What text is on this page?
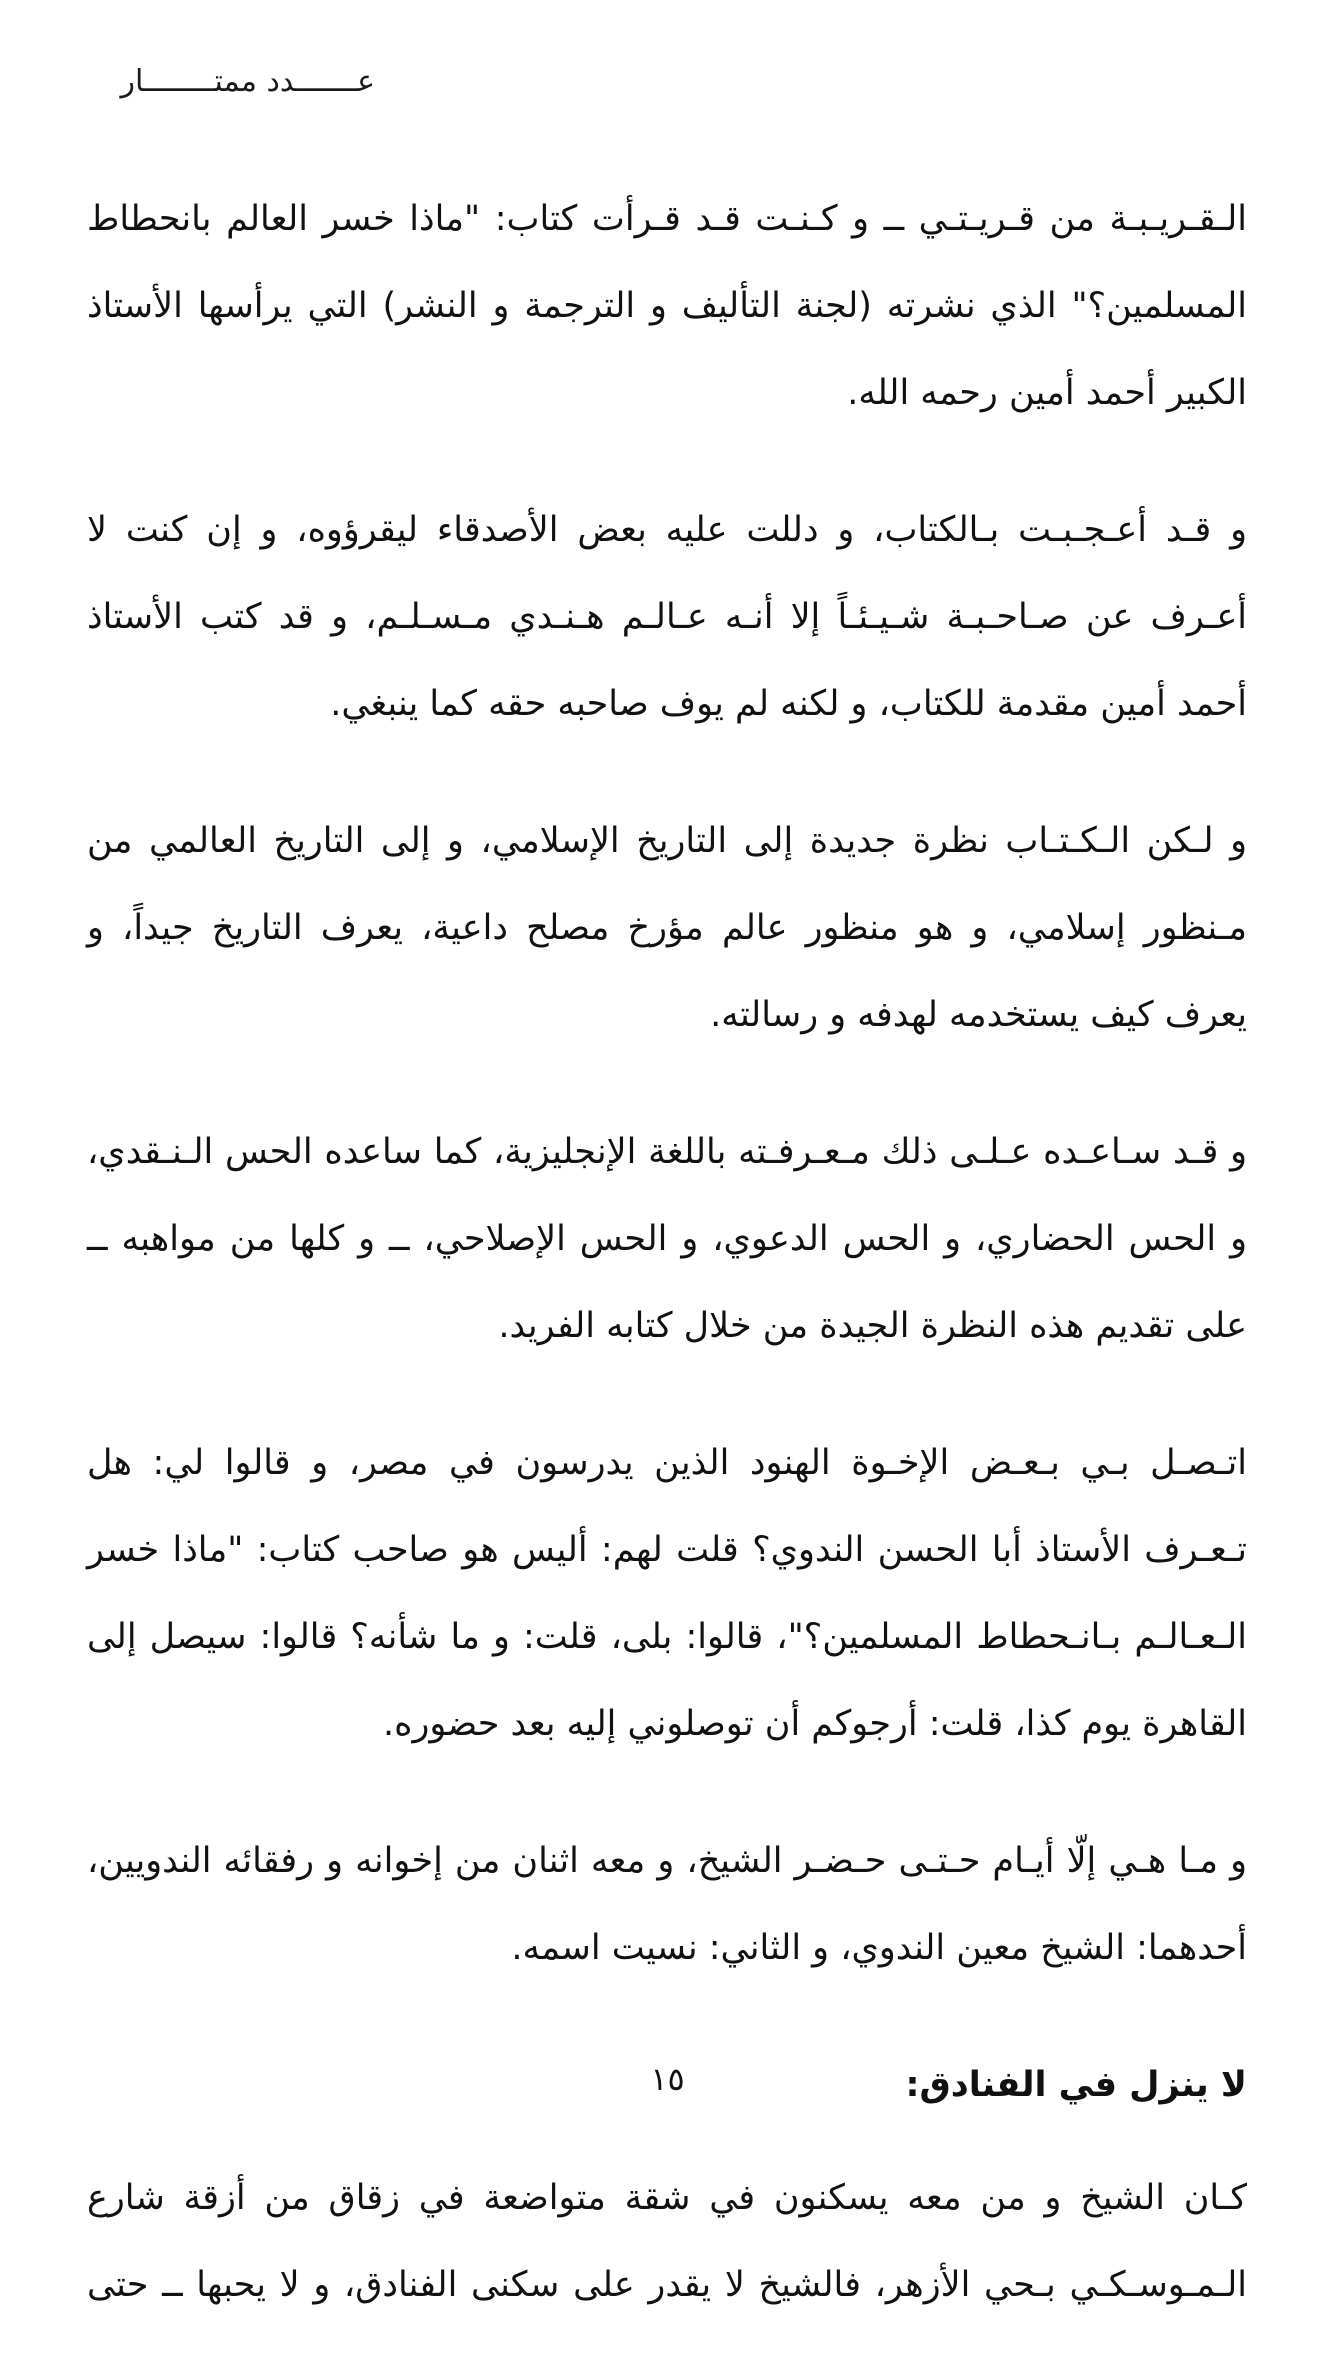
عـــــــدد ممتــــــــار

الـقـريـبـة من قـريـتـي ــ و كـنـت قـد قـرأت كتاب: "ماذا خسر العالم بانحطاط المسلمين؟" الذي نشرته (لجنة التأليف و الترجمة و النشر) التي يرأسها الأستاذ الكبير أحمد أمين رحمه الله.

و قـد أعـجـبـت بـالكتاب، و دللت عليه بعض الأصدقاء ليقرؤوه، و إن كنت لا أعـرف عن صـاحـبـة شـيـئـاً إلا أنـه عـالـم هـنـدي مـسـلـم، و قد كتب الأستاذ أحمد أمين مقدمة للكتاب، و لكنه لم يوف صاحبه حقه كما ينبغي.

و لـكن الـكـتـاب نظرة جديدة إلى التاريخ الإسلامي، و إلى التاريخ العالمي من مـنظور إسلامي، و هو منظور عالم مؤرخ مصلح داعية، يعرف التاريخ جيداً، و يعرف كيف يستخدمه لهدفه و رسالته.

و قـد سـاعـده عـلـى ذلك مـعـرفـته باللغة الإنجليزية، كما ساعده الحس الـنـقدي، و الحس الحضاري، و الحس الدعوي، و الحس الإصلاحي، ــ و كلها من مواهبه ــ على تقديم هذه النظرة الجيدة من خلال كتابه الفريد.

اتـصـل بـي بـعـض الإخـوة الهنود الذين يدرسون في مصر، و قالوا لي: هل تـعـرف الأستاذ أبا الحسن الندوي؟ قلت لهم: أليس هو صاحب كتاب: "ماذا خسر الـعـالـم بـانـحطاط المسلمين؟"، قالوا: بلى، قلت: و ما شأنه؟ قالوا: سيصل إلى القاهرة يوم كذا، قلت: أرجوكم أن توصلوني إليه بعد حضوره.

و مـا هـي إلّا أيـام حـتـى حـضـر الشيخ، و معه اثنان من إخوانه و رفقائه الندويين، أحدهما: الشيخ معين الندوي، و الثاني: نسيت اسمه.

لا ينزل في الفنادق:

كـان الشيخ و من معه يسكنون في شقة متواضعة في زقاق من أزقة شارع الـمـوسـكـي بـحي الأزهر، فالشيخ لا يقدر على سكنى الفنادق، و لا يحبها ــ حتى

١٥
